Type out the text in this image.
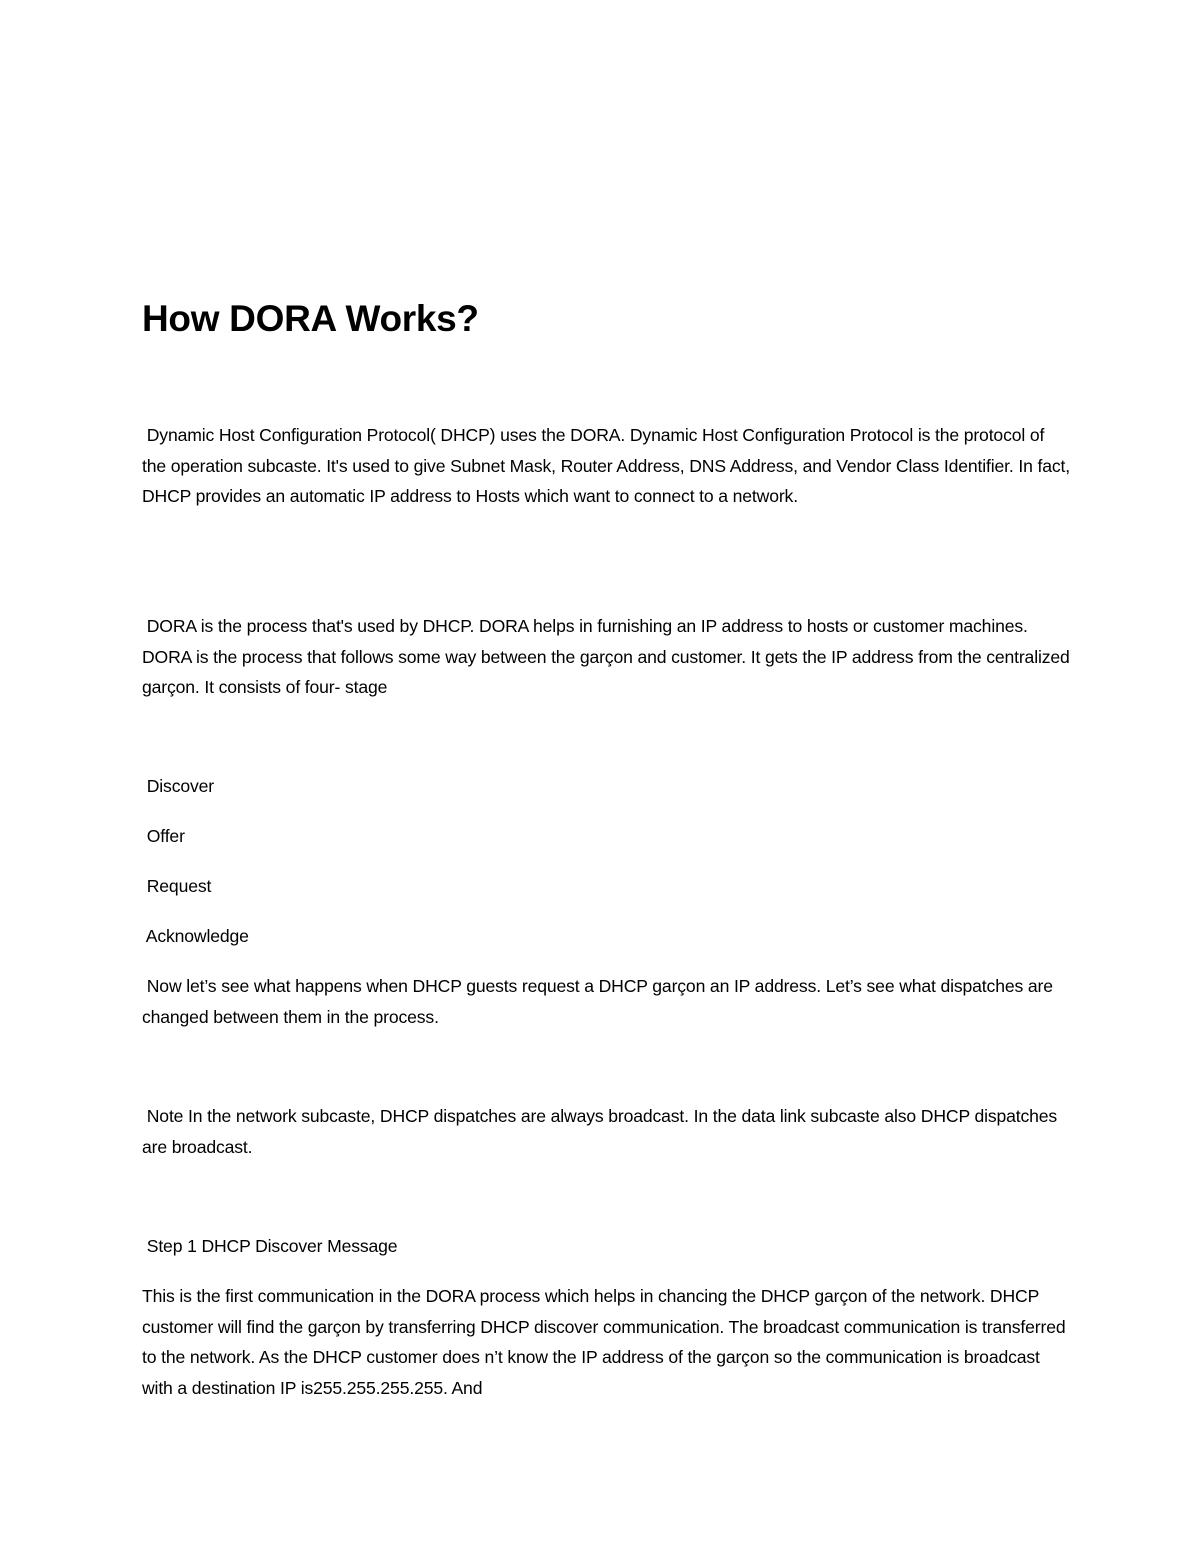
How DORA Works?

Dynamic Host Configuration Protocol( DHCP) uses the DORA. Dynamic Host Configuration Protocol is the protocol of the operation subcaste. It's used to give Subnet Mask, Router Address, DNS Address, and Vendor Class Identifier. In fact, DHCP provides an automatic IP address to Hosts which want to connect to a network.

DORA is the process that's used by DHCP. DORA helps in furnishing an IP address to hosts or customer machines. DORA is the process that follows some way between the garçon and customer. It gets the IP address from the centralized garçon. It consists of four- stage

Discover

Offer

Request

Acknowledge

Now let’s see what happens when DHCP guests request a DHCP garçon an IP address. Let’s see what dispatches are changed between them in the process.

Note In the network subcaste, DHCP dispatches are always broadcast. In the data link subcaste also DHCP dispatches are broadcast.

Step 1 DHCP Discover Message

This is the first communication in the DORA process which helps in chancing the DHCP garçon of the network. DHCP customer will find the garçon by transferring DHCP discover communication. The broadcast communication is transferred to the network. As the DHCP customer does n’t know the IP address of the garçon so the communication is broadcast with a destination IP is255.255.255.255. And
